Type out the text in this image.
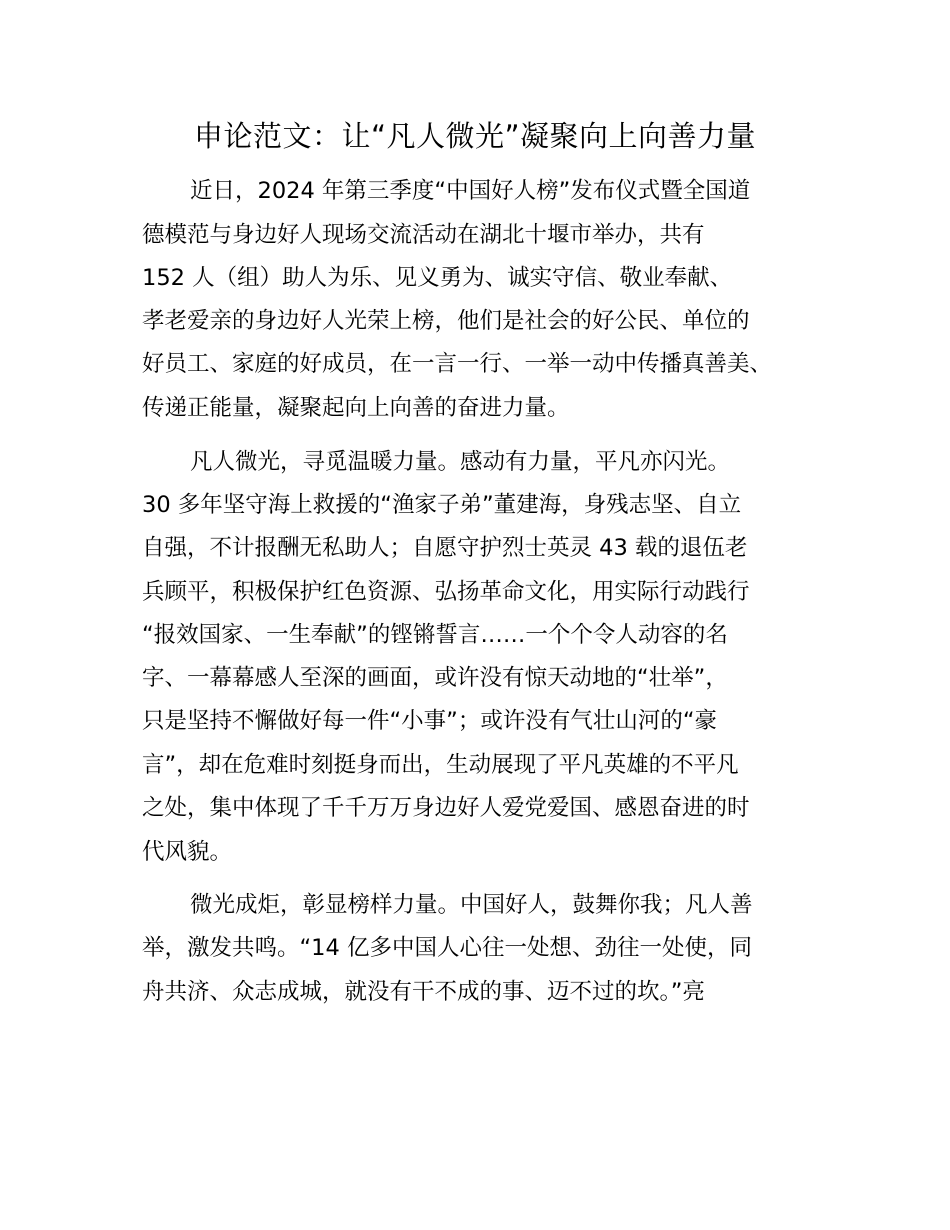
申论范文：让“凡人微光”凝聚向上向善力量

近日，2024 年第三季度“中国好人榜”发布仪式暨全国道

德模范与身边好人现场交流活动在湖北十堰市举办，共有

152 人（组）助人为乐、见义勇为、诚实守信、敬业奉献、

孝老爱亲的身边好人光荣上榜，他们是社会的好公民、单位的

好员工、家庭的好成员，在一言一行、一举一动中传播真善美、

传递正能量，凝聚起向上向善的奋进力量。

凡人微光，寻觅温暖力量。感动有力量，平凡亦闪光。

30 多年坚守海上救援的“渔家子弟”董建海，身残志坚、自立

自强，不计报酬无私助人；自愿守护烈士英灵 43 载的退伍老

兵顾平，积极保护红色资源、弘扬革命文化，用实际行动践行

“报效国家、一生奉献”的铿锵誓言……一个个令人动容的名

字、一幕幕感人至深的画面，或许没有惊天动地的“壮举”，

只是坚持不懈做好每一件“小事”；或许没有气壮山河的“豪

言”，却在危难时刻挺身而出，生动展现了平凡英雄的不平凡

之处，集中体现了千千万万身边好人爱党爱国、感恩奋进的时

代风貌。

微光成炬，彰显榜样力量。中国好人，鼓舞你我；凡人善

举，激发共鸣。“14 亿多中国人心往一处想、劲往一处使，同

舟共济、众志成城，就没有干不成的事、迈不过的坎。”亮
